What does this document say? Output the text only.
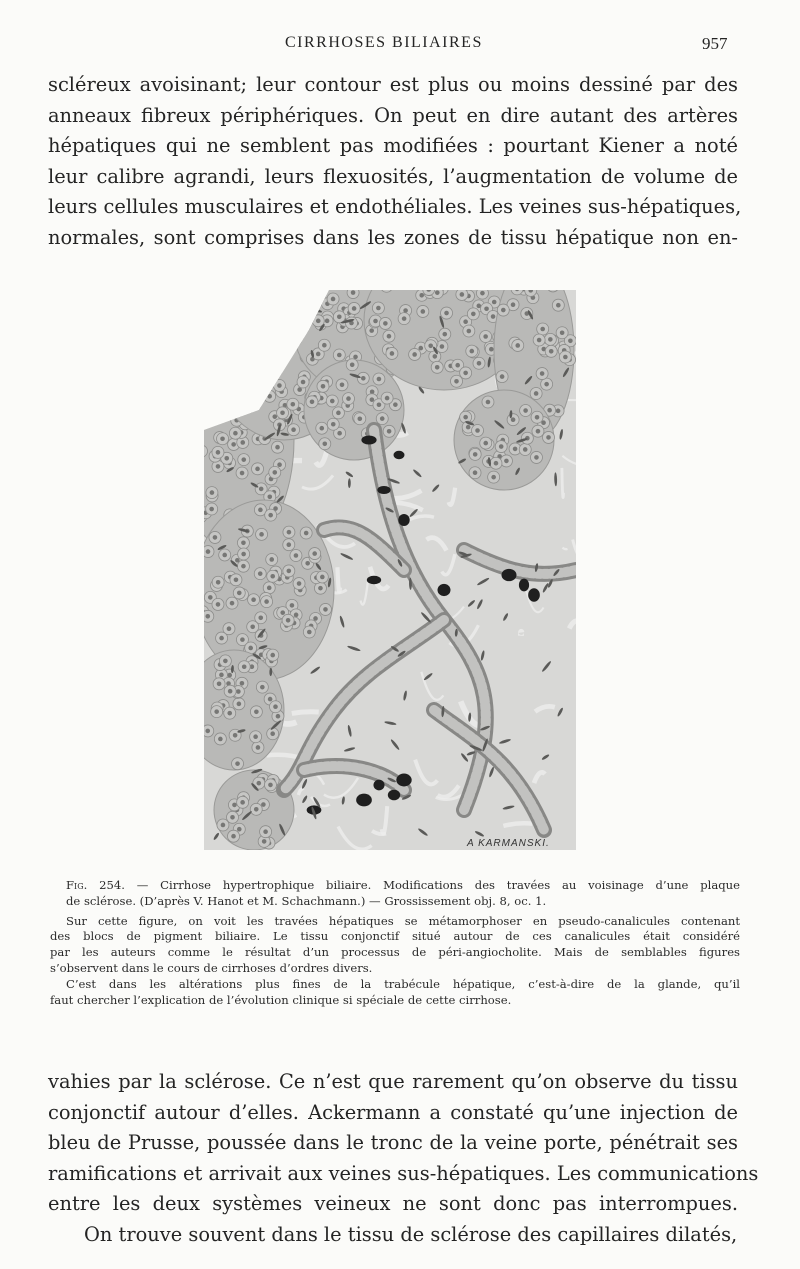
CIRRHOSES BILIAIRES	957
scléreux avoisinant; leur contour est plus ou moins dessiné par des
anneaux fibreux périphériques. On peut en dire autant des artères
hépatiques qui ne semblent pas modifiées : pourtant Kiener a noté
leur calibre agrandi, leurs flexuosités, l’augmentation de volume de
leurs cellules musculaires et endothéliales. Les veines sus-hépatiques,
normales, sont comprises dans les zones de tissu hépatique non en-
A KARMANSKI.
Fig. 254. — Cirrhose hypertrophique biliaire. Modifications des travées au voisinage d’une plaque
de sclérose. (D’après V. Hanot et M. Schachmann.) — Grossissement obj. 8, oc. 1.
Sur cette figure, on voit les travées hépatiques se métamorphoser en pseudo-canalicules contenant
des blocs de pigment biliaire. Le tissu conjonctif situé autour de ces canalicules était considéré
par les auteurs comme le résultat d’un processus de péri-angiocholite. Mais de semblables figures
s’observent dans le cours de cirrhoses d’ordres divers.
C’est dans les altérations plus fines de la trabécule hépatique, c’est-à-dire de la glande, qu’il
faut chercher l’explication de l’évolution clinique si spéciale de cette cirrhose.
vahies par la sclérose. Ce n’est que rarement qu’on observe du tissu
conjonctif autour d’elles. Ackermann a constaté qu’une injection de
bleu de Prusse, poussée dans le tronc de la veine porte, pénétrait ses
ramifications et arrivait aux veines sus-hépatiques. Les communications
entre les deux systèmes veineux ne sont donc pas interrompues.
On trouve souvent dans le tissu de sclérose des capillaires dilatés,
